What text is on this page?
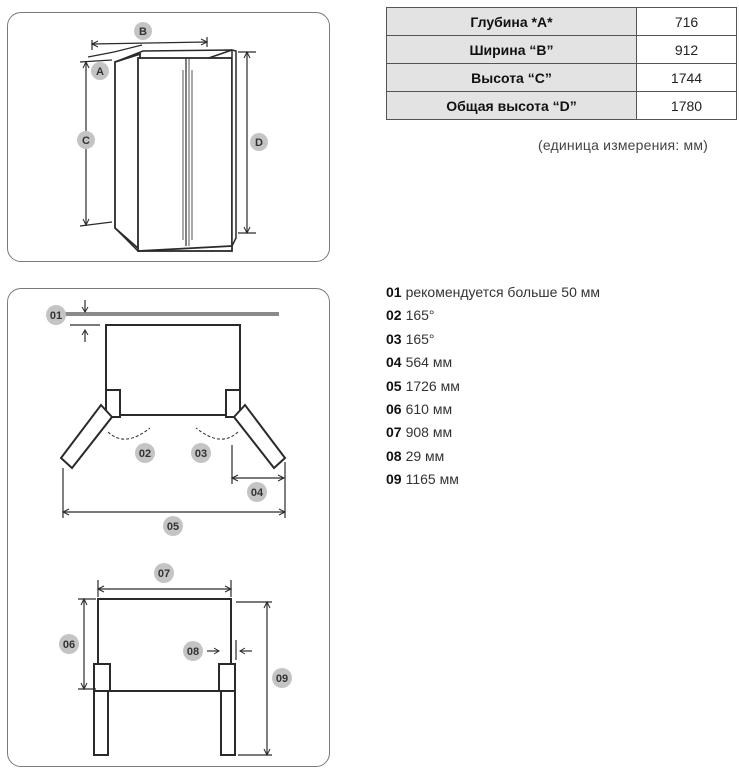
B
A
C	D
Глубина *A*	716
Ширина “B”	912
Высота “C”	1744
Общая высота “D”	1780
(единица измерения: мм)
01
02	03
04
05
07
06
08
09
01 рекомендуется больше 50 мм
02 165°
03 165°
04 564 мм
05 1726 мм
06 610 мм
07 908 мм
08 29 мм
09 1165 мм
